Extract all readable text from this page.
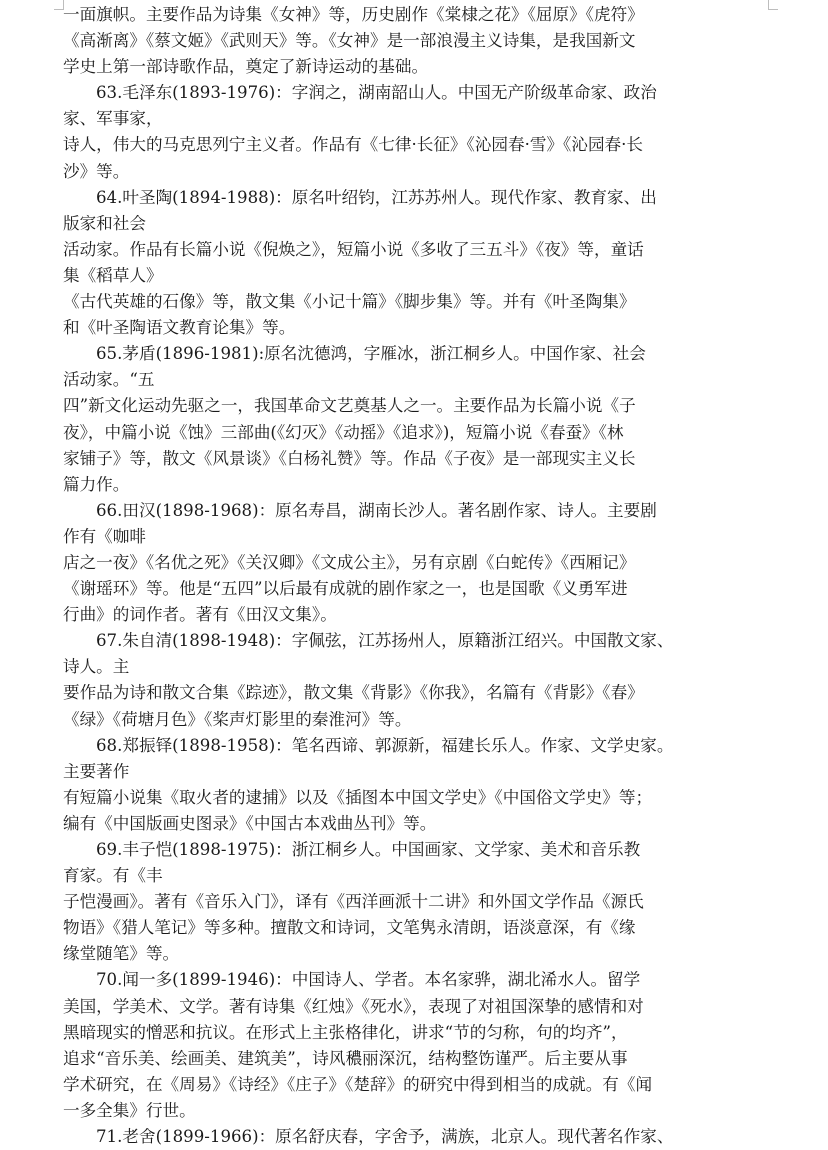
一面旗帜。主要作品为诗集《女神》等，历史剧作《棠棣之花》《屈原》《虎符》
《高渐离》《蔡文姬》《武则天》等。《女神》是一部浪漫主义诗集，是我国新文
学史上第一部诗歌作品，奠定了新诗运动的基础。
63.毛泽东(1893-1976)：字润之，湖南韶山人。中国无产阶级革命家、政治
家、军事家，
诗人，伟大的马克思列宁主义者。作品有《七律·长征》《沁园春·雪》《沁园春·长
沙》等。
64.叶圣陶(1894-1988)：原名叶绍钧，江苏苏州人。现代作家、教育家、出
版家和社会
活动家。作品有长篇小说《倪焕之》，短篇小说《多收了三五斗》《夜》等，童话
集《稻草人》
《古代英雄的石像》等，散文集《小记十篇》《脚步集》等。并有《叶圣陶集》
和《叶圣陶语文教育论集》等。
65.茅盾(1896-1981):原名沈德鸿，字雁冰，浙江桐乡人。中国作家、社会
活动家。“五
四”新文化运动先驱之一，我国革命文艺奠基人之一。主要作品为长篇小说《子
夜》，中篇小说《蚀》三部曲(《幻灭》《动摇》《追求》)，短篇小说《春蚕》《林
家铺子》等，散文《风景谈》《白杨礼赞》等。作品《子夜》是一部现实主义长
篇力作。
66.田汉(1898-1968)：原名寿昌，湖南长沙人。著名剧作家、诗人。主要剧
作有《咖啡
店之一夜》《名优之死》《关汉卿》《文成公主》，另有京剧《白蛇传》《西厢记》
《谢瑶环》等。他是“五四”以后最有成就的剧作家之一，也是国歌《义勇军进
行曲》的词作者。著有《田汉文集》。
67.朱自清(1898-1948)：字佩弦，江苏扬州人，原籍浙江绍兴。中国散文家、
诗人。主
要作品为诗和散文合集《踪迹》，散文集《背影》《你我》，名篇有《背影》《春》
《绿》《荷塘月色》《桨声灯影里的秦淮河》等。
68.郑振铎(1898-1958)：笔名西谛、郭源新，福建长乐人。作家、文学史家。
主要著作
有短篇小说集《取火者的逮捕》以及《插图本中国文学史》《中国俗文学史》等；
编有《中国版画史图录》《中国古本戏曲丛刊》等。
69.丰子恺(1898-1975)：浙江桐乡人。中国画家、文学家、美术和音乐教
育家。有《丰
子恺漫画》。著有《音乐入门》，译有《西洋画派十二讲》和外国文学作品《源氏
物语》《猎人笔记》等多种。擅散文和诗词，文笔隽永清朗，语淡意深，有《缘
缘堂随笔》等。
70.闻一多(1899-1946)：中国诗人、学者。本名家骅，湖北浠水人。留学
美国，学美术、文学。著有诗集《红烛》《死水》，表现了对祖国深挚的感情和对
黑暗现实的憎恶和抗议。在形式上主张格律化，讲求“节的匀称，句的均齐”，
追求“音乐美、绘画美、建筑美”，诗风穠丽深沉，结构整饬谨严。后主要从事
学术研究，在《周易》《诗经》《庄子》《楚辞》的研究中得到相当的成就。有《闻
一多全集》行世。
71.老舍(1899-1966)：原名舒庆春，字舍予，满族，北京人。现代著名作家、
